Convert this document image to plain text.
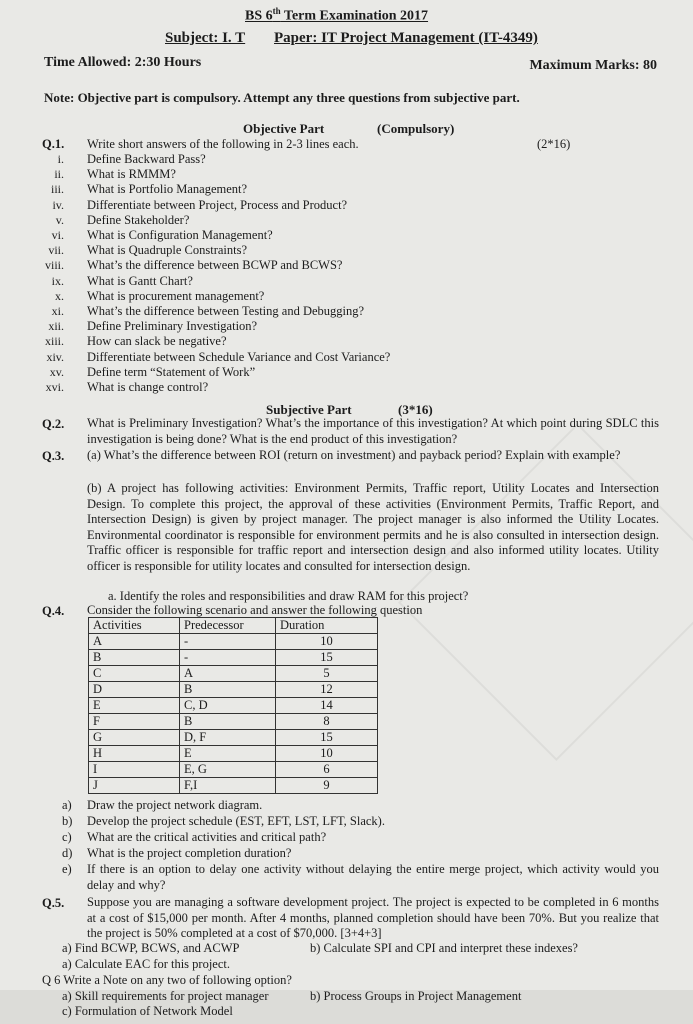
BS 6th Term Examination 2017
Subject: I. T Paper: IT Project Management (IT-4349)
Time Allowed: 2:30 Hours	Maximum Marks: 80
Note: Objective part is compulsory. Attempt any three questions from subjective part.
Objective Part	(Compulsory)
Q.1. Write short answers of the following in 2-3 lines each.	(2*16)
i. Define Backward Pass?
ii. What is RMMM?
iii. What is Portfolio Management?
iv. Differentiate between Project, Process and Product?
v. Define Stakeholder?
vi. What is Configuration Management?
vii. What is Quadruple Constraints?
viii. What’s the difference between BCWP and BCWS?
ix. What is Gantt Chart?
x. What is procurement management?
xi. What’s the difference between Testing and Debugging?
xii. Define Preliminary Investigation?
xiii. How can slack be negative?
xiv. Differentiate between Schedule Variance and Cost Variance?
xv. Define term “Statement of Work”
xvi. What is change control?
Subjective Part	(3*16)
Q.2. What is Preliminary Investigation? What’s the importance of this investigation? At which point during SDLC this investigation is being done? What is the end product of this investigation?
Q.3. (a) What’s the difference between ROI (return on investment) and payback period? Explain with example?
(b) A project has following activities: Environment Permits, Traffic report, Utility Locates and Intersection Design. To complete this project, the approval of these activities (Environment Permits, Traffic Report, and Intersection Design) is given by project manager. The project manager is also informed the Utility Locates. Environmental coordinator is responsible for environment permits and he is also consulted in intersection design. Traffic officer is responsible for traffic report and intersection design and also informed utility locates. Utility officer is responsible for utility locates and consulted for intersection design.
a. Identify the roles and responsibilities and draw RAM for this project?
Q.4. Consider the following scenario and answer the following question
Activities	Predecessor	Duration
A	-	10
B	-	15
C	A	5
D	B	12
E	C, D	14
F	B	8
G	D, F	15
H	E	10
I	E, G	6
J	F,I	9
a) Draw the project network diagram.
b) Develop the project schedule (EST, EFT, LST, LFT, Slack).
c) What are the critical activities and critical path?
d) What is the project completion duration?
e) If there is an option to delay one activity without delaying the entire merge project, which activity would you delay and why?
Q.5. Suppose you are managing a software development project. The project is expected to be completed in 6 months at a cost of $15,000 per month. After 4 months, planned completion should have been 70%. But you realize that the project is 50% completed at a cost of $70,000. [3+4+3]
a) Find BCWP, BCWS, and ACWP	b) Calculate SPI and CPI and interpret these indexes?
a) Calculate EAC for this project.
Q 6 Write a Note on any two of following option?
a) Skill requirements for project manager	b) Process Groups in Project Management
c) Formulation of Network Model
